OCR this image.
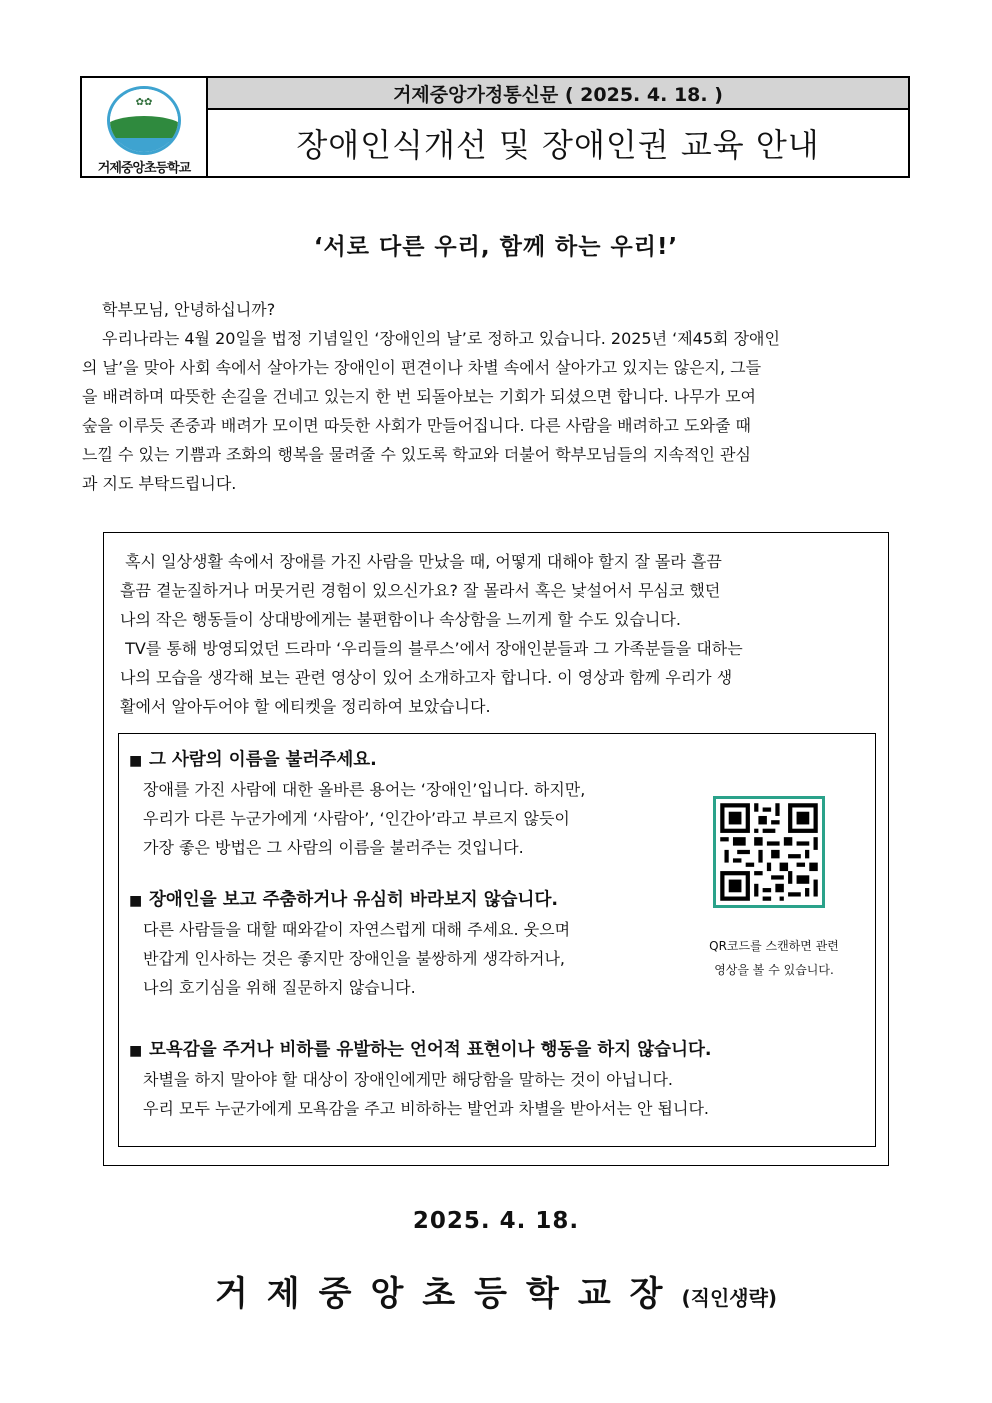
✿✿
거제중앙초등학교
거제중앙가정통신문 ( 2025. 4. 18. )
장애인식개선 및 장애인권 교육 안내
‘서로 다른 우리, 함께 하는 우리!’

학부모님, 안녕하십니까?

우리나라는 4월 20일을 법정 기념일인 ‘장애인의 날’로 정하고 있습니다. 2025년 ‘제45회 장애인

의 날’을 맞아 사회 속에서 살아가는 장애인이 편견이나 차별 속에서 살아가고 있지는 않은지, 그들

을 배려하며 따뜻한 손길을 건네고 있는지 한 번 되돌아보는 기회가 되셨으면 합니다. 나무가 모여

숲을 이루듯 존중과 배려가 모이면 따듯한 사회가 만들어집니다. 다른 사람을 배려하고 도와줄 때

느낄 수 있는 기쁨과 조화의 행복을 물려줄 수 있도록 학교와 더불어 학부모님들의 지속적인 관심

과 지도 부탁드립니다.

혹시 일상생활 속에서 장애를 가진 사람을 만났을 때, 어떻게 대해야 할지 잘 몰라 흘끔

흘끔 곁눈질하거나 머뭇거린 경험이 있으신가요? 잘 몰라서 혹은 낯설어서 무심코 했던

나의 작은 행동들이 상대방에게는 불편함이나 속상함을 느끼게 할 수도 있습니다.

TV를 통해 방영되었던 드라마 ‘우리들의 블루스’에서 장애인분들과 그 가족분들을 대하는

나의 모습을 생각해 보는 관련 영상이 있어 소개하고자 합니다. 이 영상과 함께 우리가 생

활에서 알아두어야 할 에티켓을 정리하여 보았습니다.

■ 그 사람의 이름을 불러주세요.
장애를 가진 사람에 대한 올바른 용어는 ‘장애인’입니다. 하지만,
우리가 다른 누군가에게 ‘사람아’, ‘인간아’라고 부르지 않듯이
가장 좋은 방법은 그 사람의 이름을 불러주는 것입니다.
■ 장애인을 보고 주춤하거나 유심히 바라보지 않습니다.
다른 사람들을 대할 때와같이 자연스럽게 대해 주세요. 웃으며
반갑게 인사하는 것은 좋지만 장애인을 불쌍하게 생각하거나,
나의 호기심을 위해 질문하지 않습니다.
■ 모욕감을 주거나 비하를 유발하는 언어적 표현이나 행동을 하지 않습니다.
차별을 하지 말아야 할 대상이 장애인에게만 해당함을 말하는 것이 아닙니다.
우리 모두 누군가에게 모욕감을 주고 비하하는 발언과 차별을 받아서는 안 됩니다.
QR코드를 스캔하면 관련
영상을 볼 수 있습니다.
2025. 4. 18.
거제중앙초등학교장(직인생략)
